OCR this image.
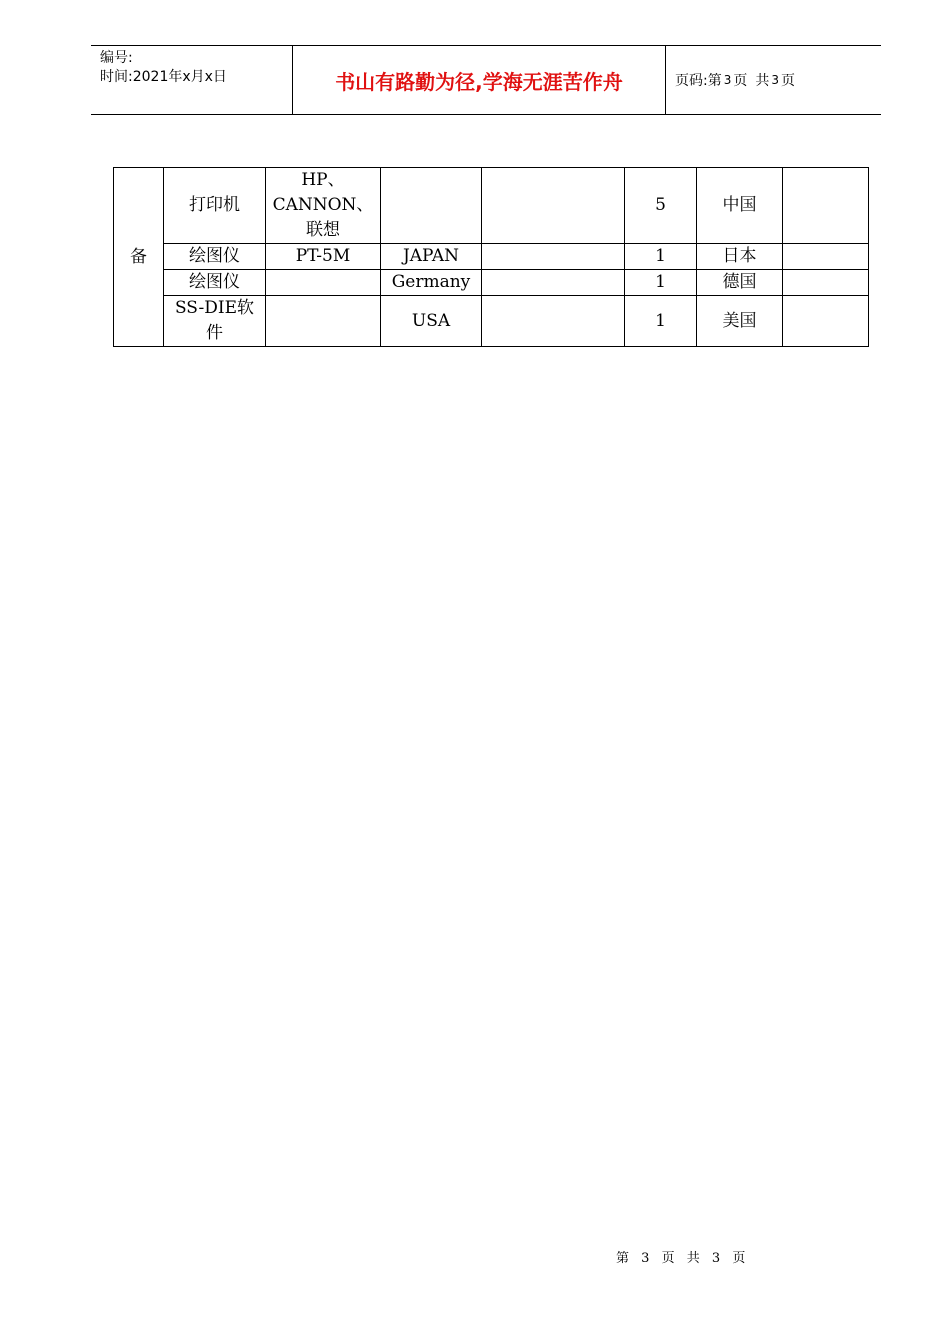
编号:
时间:2021年x月x日	书山有路勤为径,学海无涯苦作舟	页码:第 3 页 共 3 页
备	打印机	HP、CANNON、联想			5	中国	
	绘图仪	PT-5M	JAPAN		1	日本	
	绘图仪		Germany		1	德国	
	SS-DIE软件		USA		1	美国	
第 3 页 共 3 页
